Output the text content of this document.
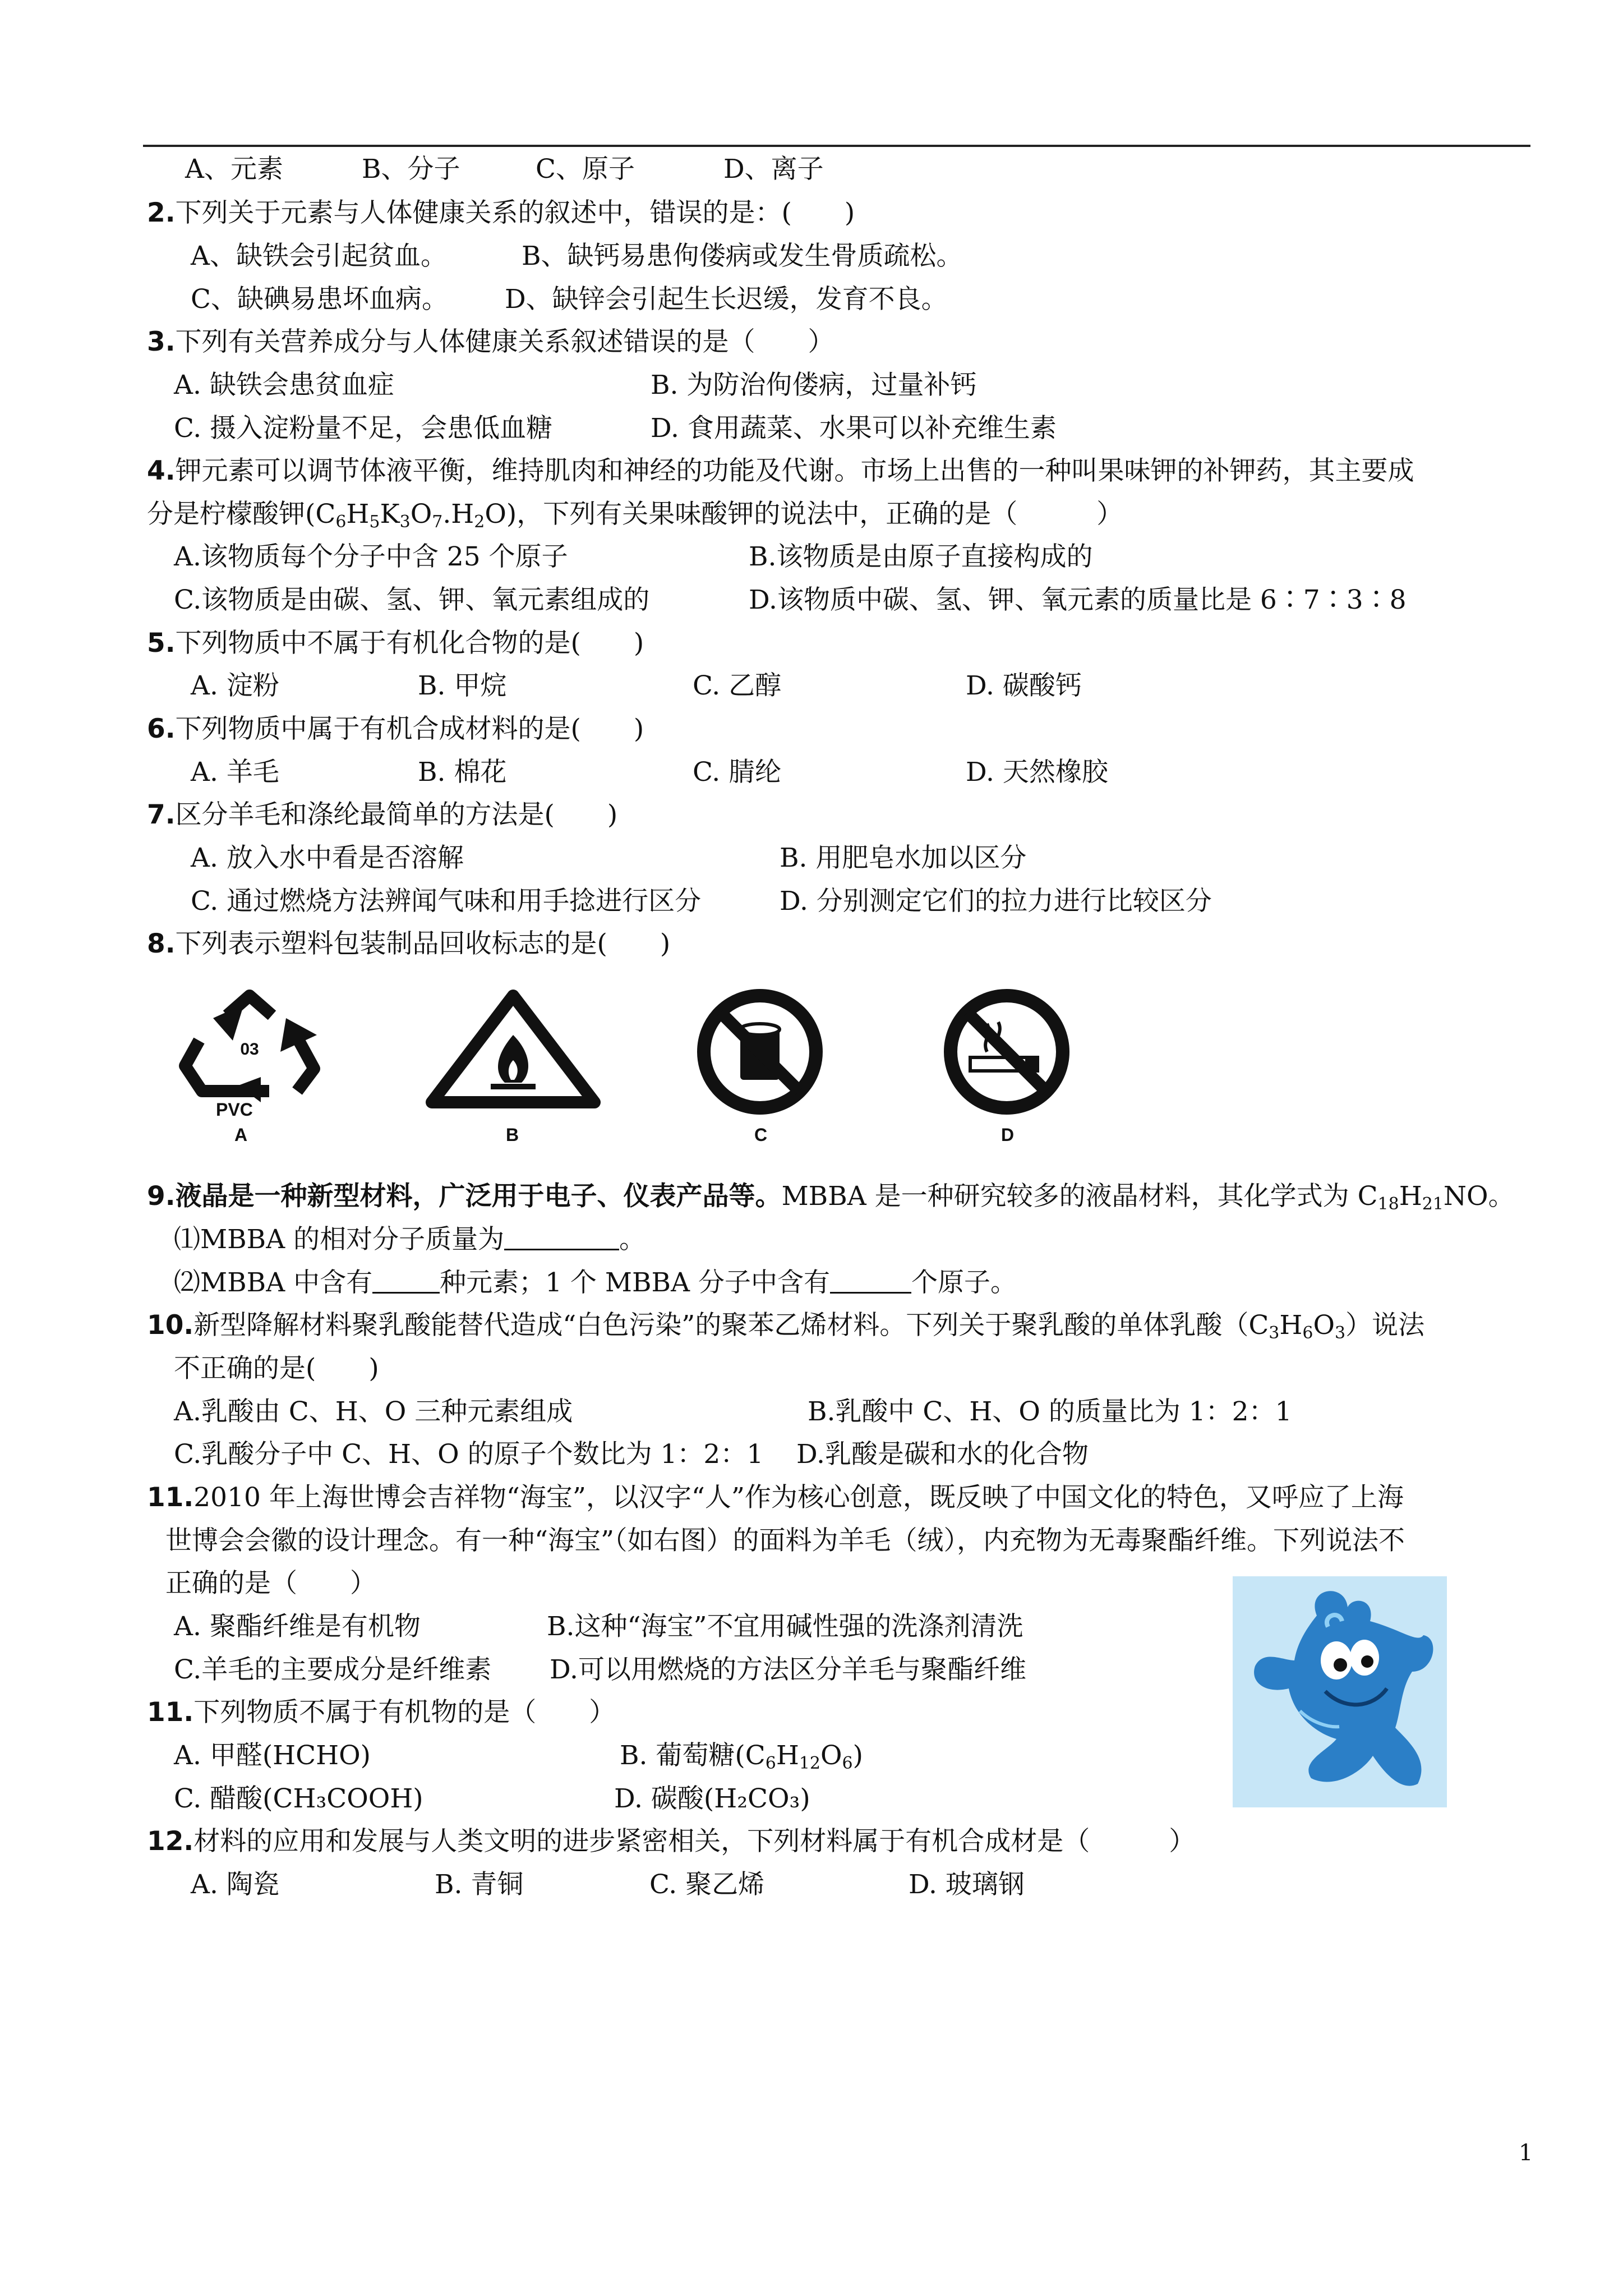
A、元素	B、分子	C、原子	D、离子
2.下列关于元素与人体健康关系的叙述中，错误的是：(　　)
A、缺铁会引起贫血。	B、缺钙易患佝偻病或发生骨质疏松。
C、缺碘易患坏血病。 D、缺锌会引起生长迟缓，发育不良。
3.下列有关营养成分与人体健康关系叙述错误的是（　　）
A. 缺铁会患贫血症	B. 为防治佝偻病，过量补钙
C. 摄入淀粉量不足，会患低血糖	D. 食用蔬菜、水果可以补充维生素
4.钾元素可以调节体液平衡，维持肌肉和神经的功能及代谢。市场上出售的一种叫果味钾的补钾药，其主要成
分是柠檬酸钾$(C_6H_5K_3O_7.H_2O)$，下列有关果味酸钾的说法中，正确的是（　　　）
A.该物质每个分子中含 25 个原子	B.该物质是由原子直接构成的
C.该物质是由碳、氢、钾、氧元素组成的	D.该物质中碳、氢、钾、氧元素的质量比是 6∶7∶3∶8
5.下列物质中不属于有机化合物的是(　　)
A. 淀粉	B. 甲烷	C. 乙醇	D. 碳酸钙
6.下列物质中属于有机合成材料的是(　　)
A. 羊毛	B. 棉花	C. 腈纶	D. 天然橡胶
7.区分羊毛和涤纶最简单的方法是(　　)
A. 放入水中看是否溶解	B. 用肥皂水加以区分
C. 通过燃烧方法辨闻气味和用手捻进行区分	D. 分别测定它们的拉力进行比较区分
8.下列表示塑料包装制品回收标志的是(　　)
03
PVC
A	B	C	D
9.液晶是一种新型材料，广泛用于电子、仪表产品等。MBBA 是一种研究较多的液晶材料，其化学式为 $C_{18}H_{21}NO$。
⑴MBBA 的相对分子质量为	。
⑵MBBA 中含有	种元素；1 个 MBBA 分子中含有	个原子。
10.新型降解材料聚乳酸能替代造成“白色污染”的聚苯乙烯材料。下列关于聚乳酸的单体乳酸$(C_3H_6O_3)$说法
不正确的是(　　)
A.乳酸由 C、H、O 三种元素组成	B.乳酸中 C、H、O 的质量比为 1：2：1
C.乳酸分子中 C、H、O 的原子个数比为 1：2：1 D.乳酸是碳和水的化合物
11.2010 年上海世博会吉祥物“海宝”，以汉字“人”作为核心创意，既反映了中国文化的特色，又呼应了上海
世博会会徽的设计理念。有一种“海宝”（如右图）的面料为羊毛（绒），内充物为无毒聚酯纤维。下列说法不
正确的是（　　）
A. 聚酯纤维是有机物	B.这种“海宝”不宜用碱性强的洗涤剂清洗
C.羊毛的主要成分是纤维素 D.可以用燃烧的方法区分羊毛与聚酯纤维
11.下列物质不属于有机物的是（　　）
A. 甲醛(HCHO)	B. 葡萄糖$(C_6H_{12}O_6)$
C. 醋酸(CH₃COOH)	D. 碳酸(H₂CO₃)
12.材料的应用和发展与人类文明的进步紧密相关，下列材料属于有机合成材是（　　　）
A. 陶瓷	B. 青铜	C. 聚乙烯	D. 玻璃钢
1
